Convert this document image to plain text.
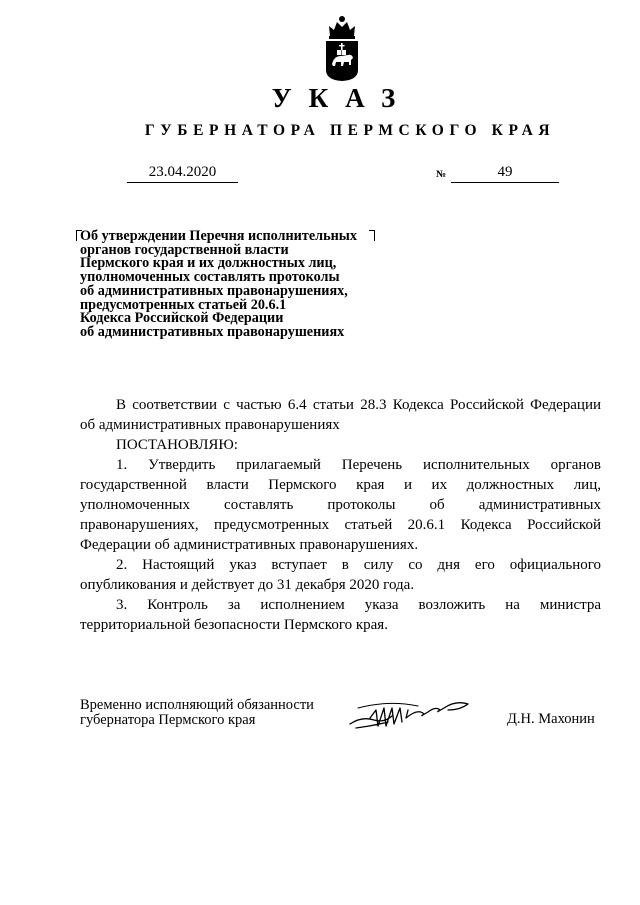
УКАЗ
ГУБЕРНАТОРА ПЕРМСКОГО КРАЯ
23.04.2020	№	49
Об утверждении Перечня исполнительных
органов государственной власти
Пермского края и их должностных лиц,
уполномоченных составлять протоколы
об административных правонарушениях,
предусмотренных статьей 20.6.1
Кодекса Российской Федерации
об административных правонарушениях

В соответствии с частью 6.4 статьи 28.3 Кодекса Российской Федерации

об административных правонарушениях

ПОСТАНОВЛЯЮ:

1. Утвердить прилагаемый Перечень исполнительных органов

государственной власти Пермского края и их должностных лиц,

уполномоченных составлять протоколы об административных

правонарушениях, предусмотренных статьей 20.6.1 Кодекса Российской

Федерации об административных правонарушениях.

2. Настоящий указ вступает в силу со дня его официального

опубликования и действует до 31 декабря 2020 года.

3. Контроль за исполнением указа возложить на министра

территориальной безопасности Пермского края.

Временно исполняющий обязанности
губернатора Пермского края	Д.Н. Махонин
